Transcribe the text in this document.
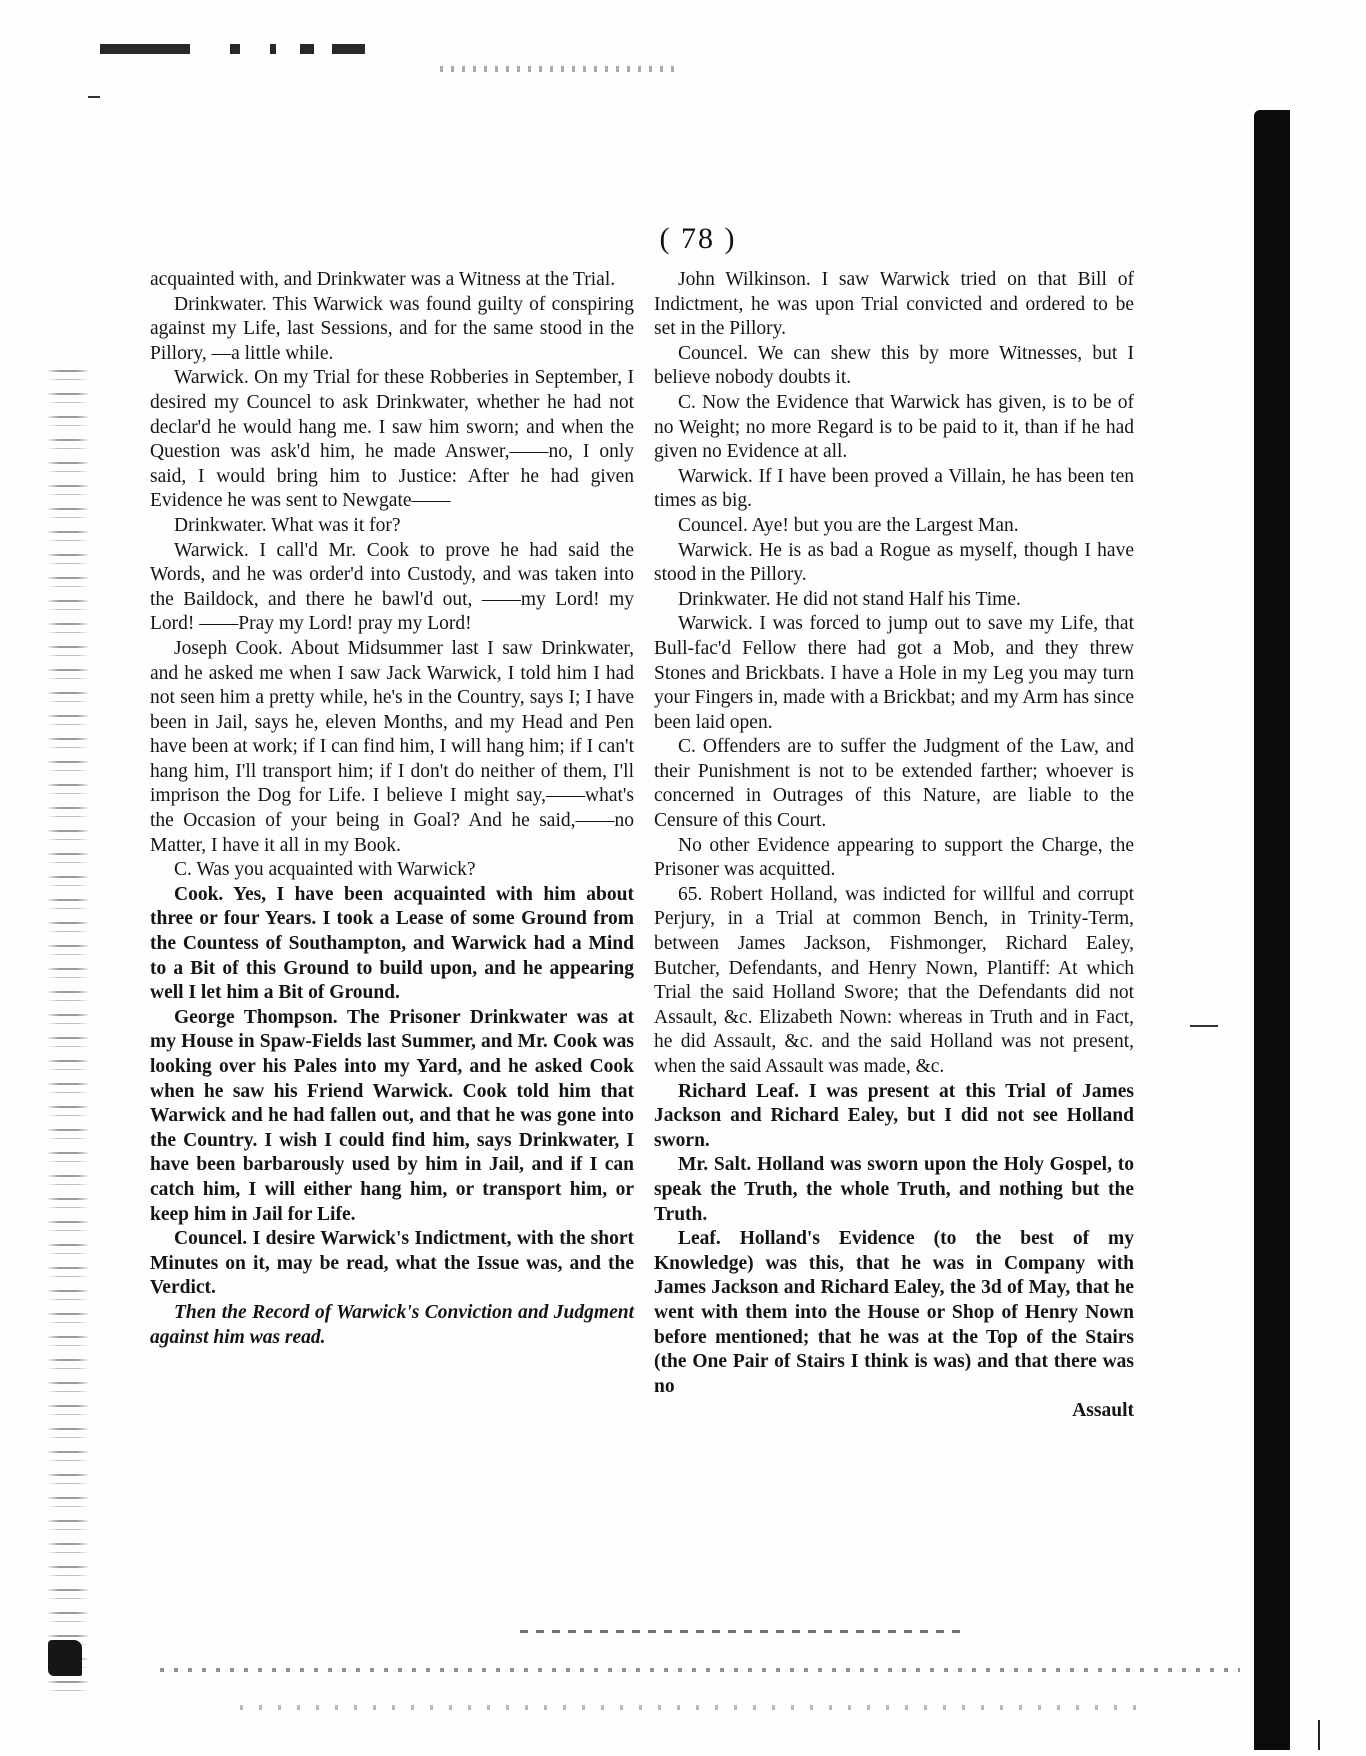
( 78 )

acquainted with, and Drinkwater was a Witness at the Trial.

Drinkwater. This Warwick was found guilty of conspiring against my Life, last Sessions, and for the same stood in the Pillory, —a little while.

Warwick. On my Trial for these Robberies in September, I desired my Councel to ask Drinkwater, whether he had not declar'd he would hang me. I saw him sworn; and when the Question was ask'd him, he made Answer,——no, I only said, I would bring him to Justice: After he had given Evidence he was sent to Newgate——

Drinkwater. What was it for?

Warwick. I call'd Mr. Cook to prove he had said the Words, and he was order'd into Custody, and was taken into the Baildock, and there he bawl'd out, ——my Lord! my Lord! ——Pray my Lord! pray my Lord!

Joseph Cook. About Midsummer last I saw Drinkwater, and he asked me when I saw Jack Warwick, I told him I had not seen him a pretty while, he's in the Country, says I; I have been in Jail, says he, eleven Months, and my Head and Pen have been at work; if I can find him, I will hang him; if I can't hang him, I'll transport him; if I don't do neither of them, I'll imprison the Dog for Life. I believe I might say,——what's the Occasion of your being in Goal? And he said,——no Matter, I have it all in my Book.

C. Was you acquainted with Warwick?

Cook. Yes, I have been acquainted with him about three or four Years. I took a Lease of some Ground from the Countess of Southampton, and Warwick had a Mind to a Bit of this Ground to build upon, and he appearing well I let him a Bit of Ground.

George Thompson. The Prisoner Drinkwater was at my House in Spaw-Fields last Summer, and Mr. Cook was looking over his Pales into my Yard, and he asked Cook when he saw his Friend Warwick. Cook told him that Warwick and he had fallen out, and that he was gone into the Country. I wish I could find him, says Drinkwater, I have been barbarously used by him in Jail, and if I can catch him, I will either hang him, or transport him, or keep him in Jail for Life.

Councel. I desire Warwick's Indictment, with the short Minutes on it, may be read, what the Issue was, and the Verdict.

Then the Record of Warwick's Conviction and Judgment against him was read.

John Wilkinson. I saw Warwick tried on that Bill of Indictment, he was upon Trial convicted and ordered to be set in the Pillory.

Councel. We can shew this by more Witnesses, but I believe nobody doubts it.

C. Now the Evidence that Warwick has given, is to be of no Weight; no more Regard is to be paid to it, than if he had given no Evidence at all.

Warwick. If I have been proved a Villain, he has been ten times as big.

Councel. Aye! but you are the Largest Man.

Warwick. He is as bad a Rogue as myself, though I have stood in the Pillory.

Drinkwater. He did not stand Half his Time.

Warwick. I was forced to jump out to save my Life, that Bull-fac'd Fellow there had got a Mob, and they threw Stones and Brickbats. I have a Hole in my Leg you may turn your Fingers in, made with a Brickbat; and my Arm has since been laid open.

C. Offenders are to suffer the Judgment of the Law, and their Punishment is not to be extended farther; whoever is concerned in Outrages of this Nature, are liable to the Censure of this Court.

No other Evidence appearing to support the Charge, the Prisoner was acquitted.

65. Robert Holland, was indicted for willful and corrupt Perjury, in a Trial at common Bench, in Trinity-Term, between James Jackson, Fishmonger, Richard Ealey, Butcher, Defendants, and Henry Nown, Plantiff: At which Trial the said Holland Swore; that the Defendants did not Assault, &c. Elizabeth Nown: whereas in Truth and in Fact, he did Assault, &c. and the said Holland was not present, when the said Assault was made, &c.

Richard Leaf. I was present at this Trial of James Jackson and Richard Ealey, but I did not see Holland sworn.

Mr. Salt. Holland was sworn upon the Holy Gospel, to speak the Truth, the whole Truth, and nothing but the Truth.

Leaf. Holland's Evidence (to the best of my Knowledge) was this, that he was in Company with James Jackson and Richard Ealey, the 3d of May, that he went with them into the House or Shop of Henry Nown before mentioned; that he was at the Top of the Stairs (the One Pair of Stairs I think is was) and that there was no

Assault
